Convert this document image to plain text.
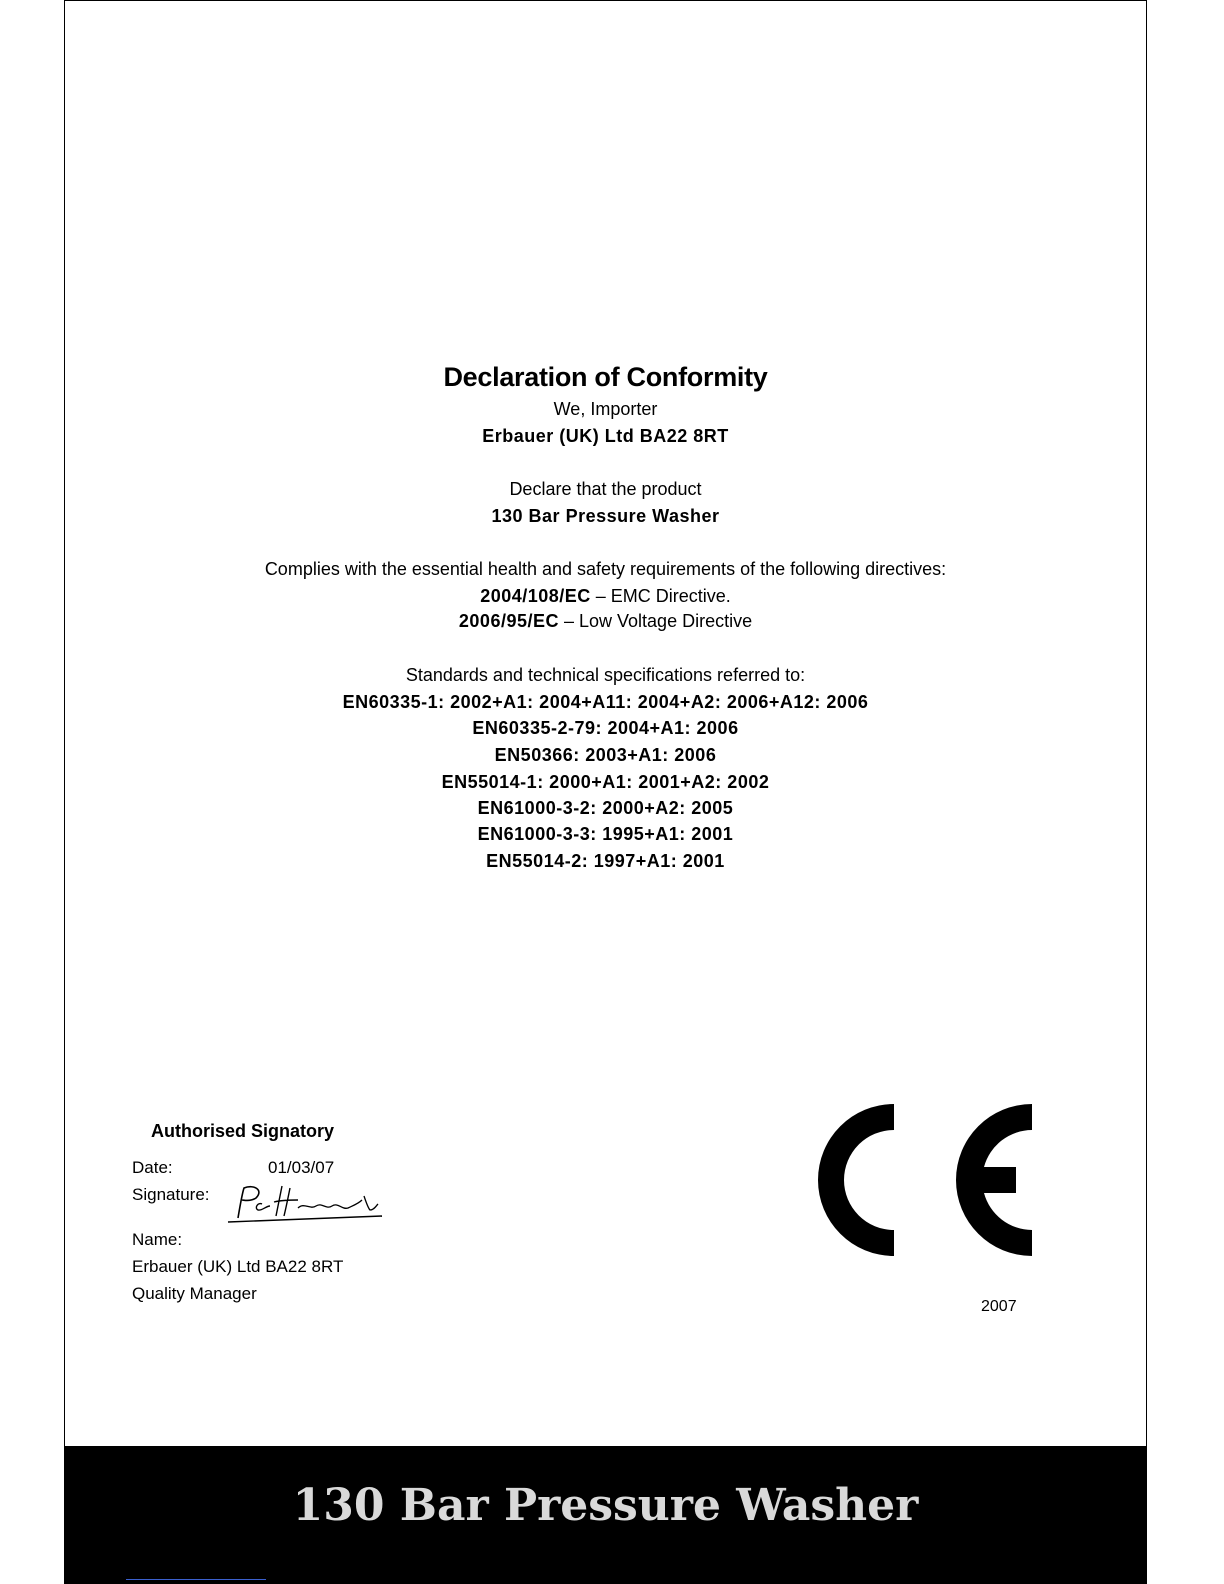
Declaration of Conformity
We, Importer
Erbauer (UK) Ltd BA22 8RT
Declare that the product
130 Bar Pressure Washer
Complies with the essential health and safety requirements of the following directives:
2004/108/EC – EMC Directive.
2006/95/EC – Low Voltage Directive
Standards and technical specifications referred to:
EN60335-1: 2002+A1: 2004+A11: 2004+A2: 2006+A12: 2006
EN60335-2-79: 2004+A1: 2006
EN50366: 2003+A1: 2006
EN55014-1: 2000+A1: 2001+A2: 2002
EN61000-3-2: 2000+A2: 2005
EN61000-3-3: 1995+A1: 2001
EN55014-2: 1997+A1: 2001
Authorised Signatory
Date:	01/03/07
Signature:
Name:
Erbauer (UK) Ltd BA22 8RT
Quality Manager
2007
130 Bar Pressure Washer
